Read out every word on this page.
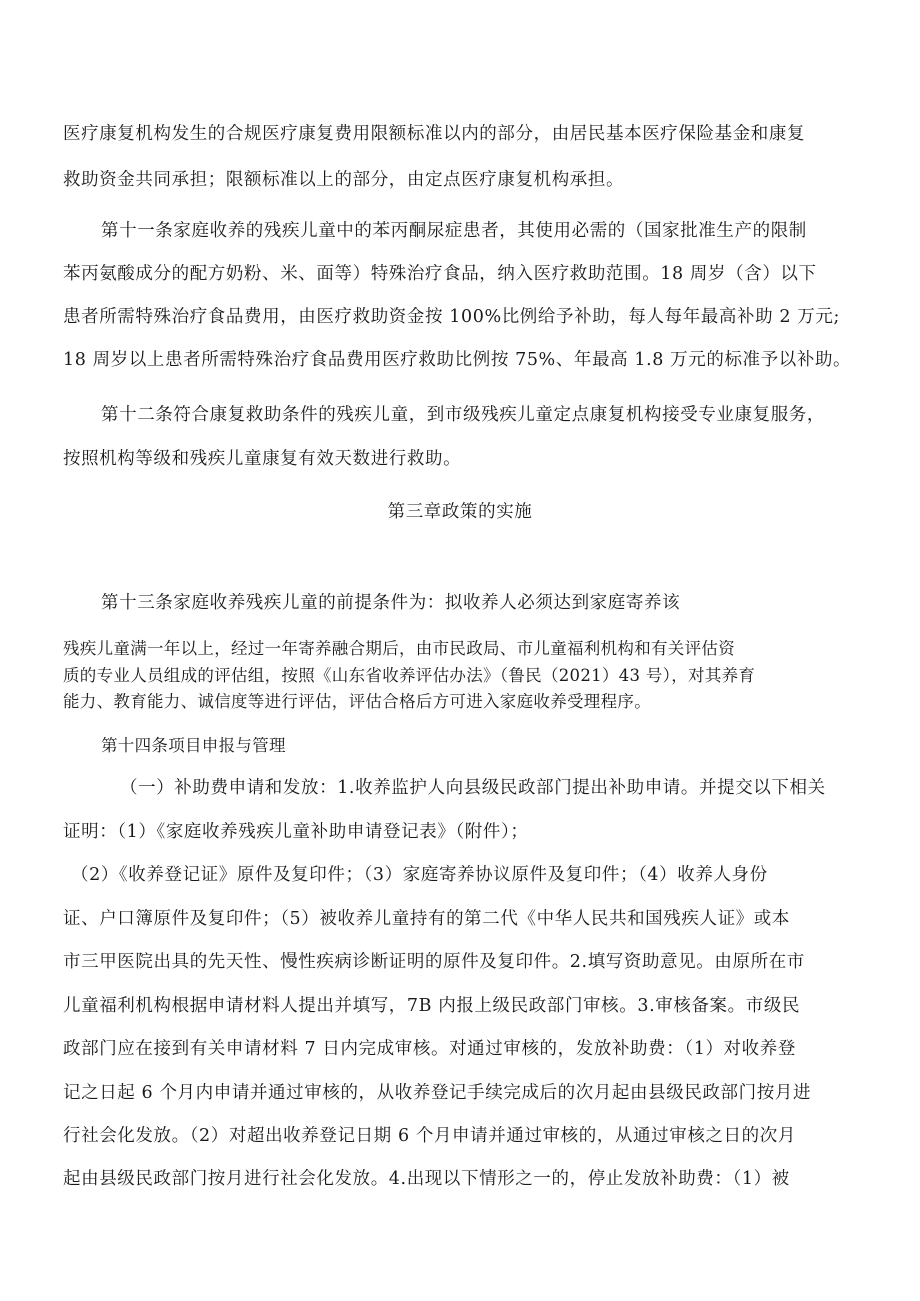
医疗康复机构发生的合规医疗康复费用限额标准以内的部分，由居民基本医疗保险基金和康复

救助资金共同承担；限额标准以上的部分，由定点医疗康复机构承担。

第十一条家庭收养的残疾儿童中的苯丙酮尿症患者，其使用必需的（国家批准生产的限制

苯丙氨酸成分的配方奶粉、米、面等）特殊治疗食品，纳入医疗救助范围。18 周岁（含）以下

患者所需特殊治疗食品费用，由医疗救助资金按 100%比例给予补助，每人每年最高补助 2 万元;

18 周岁以上患者所需特殊治疗食品费用医疗救助比例按 75%、年最高 1.8 万元的标准予以补助。

第十二条符合康复救助条件的残疾儿童，到市级残疾儿童定点康复机构接受专业康复服务，

按照机构等级和残疾儿童康复有效天数进行救助。

第三章政策的实施

第十三条家庭收养残疾儿童的前提条件为：拟收养人必须达到家庭寄养该

残疾儿童满一年以上，经过一年寄养融合期后，由市民政局、市儿童福利机构和有关评估资

质的专业人员组成的评估组，按照《山东省收养评估办法》（鲁民（2021）43 号），对其养育

能力、教育能力、诚信度等进行评估，评估合格后方可进入家庭收养受理程序。

第十四条项目申报与管理

（一）补助费申请和发放：1.收养监护人向县级民政部门提出补助申请。并提交以下相关

证明：（1）《家庭收养残疾儿童补助申请登记表》（附件）；

（2）《收养登记证》原件及复印件；（3）家庭寄养协议原件及复印件；（4）收养人身份

证、户口簿原件及复印件；（5）被收养儿童持有的第二代《中华人民共和国残疾人证》或本

市三甲医院出具的先天性、慢性疾病诊断证明的原件及复印件。2.填写资助意见。由原所在市

儿童福利机构根据申请材料人提出并填写，7B 内报上级民政部门审核。3.审核备案。市级民

政部门应在接到有关申请材料 7 日内完成审核。对通过审核的，发放补助费：（1）对收养登

记之日起 6 个月内申请并通过审核的，从收养登记手续完成后的次月起由县级民政部门按月进

行社会化发放。（2）对超出收养登记日期 6 个月申请并通过审核的，从通过审核之日的次月

起由县级民政部门按月进行社会化发放。4.出现以下情形之一的，停止发放补助费：（1）被
